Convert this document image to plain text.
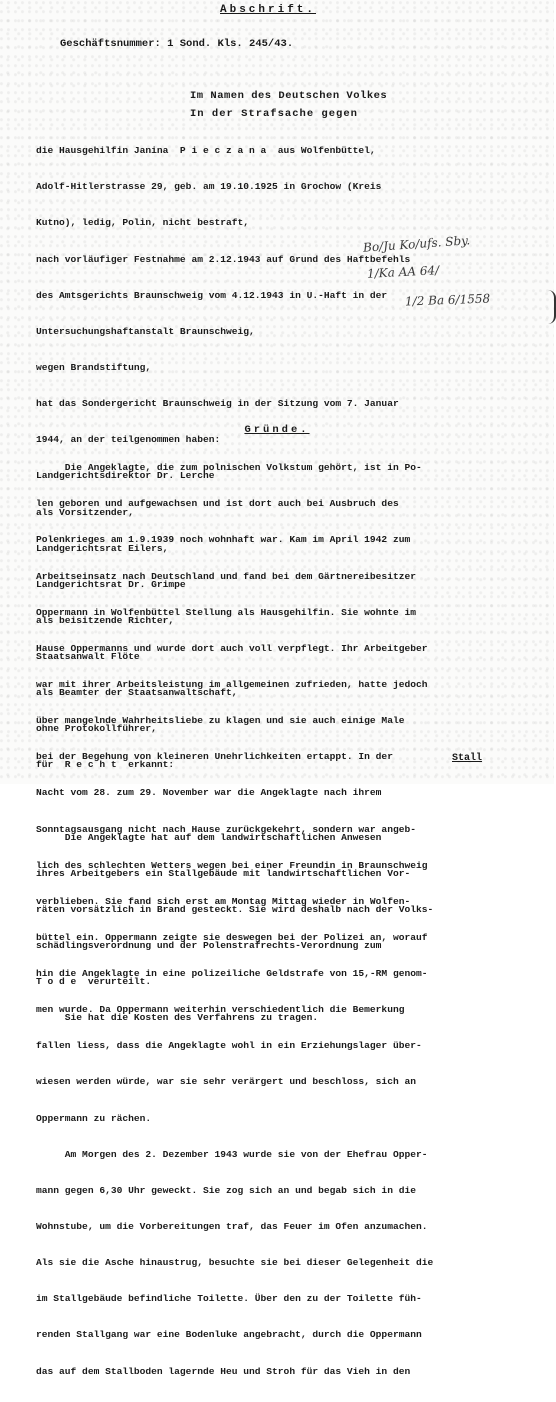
Abschrift.
Geschäftsnummer: 1 Sond. Kls. 245/43.
Im Namen des Deutschen Volkes
In der Strafsache gegen

die Hausgehilfin Janina  P i e c z a n a  aus Wolfenbüttel,

Adolf-Hitlerstrasse 29, geb. am 19.10.1925 in Grochow (Kreis

Kutno), ledig, Polin, nicht bestraft,

nach vorläufiger Festnahme am 2.12.1943 auf Grund des Haftbefehls

des Amtsgerichts Braunschweig vom 4.12.1943 in U.-Haft in der

Untersuchungshaftanstalt Braunschweig,

wegen Brandstiftung,

hat das Sondergericht Braunschweig in der Sitzung vom 7. Januar

1944, an der teilgenommen haben:

Landgerichtsdirektor Dr. Lerche

als Vorsitzender,

Landgerichtsrat Eilers,

Landgerichtsrat Dr. Grimpe

als beisitzende Richter,

Staatsanwalt Flöte

als Beamter der Staatsanwaltschaft,

ohne Protokollführer,

für  R e c h t  erkannt:

Die Angeklagte hat auf dem landwirtschaftlichen Anwesen

ihres Arbeitgebers ein Stallgebäude mit landwirtschaftlichen Vor-

räten vorsätzlich in Brand gesteckt. Sie wird deshalb nach der Volks-

schädlingsverordnung und der Polenstrafrechts-Verordnung zum

T o d e  verurteilt.

Sie hat die Kosten des Verfahrens zu tragen.

Gründe.

Die Angeklagte, die zum polnischen Volkstum gehört, ist in Po-

len geboren und aufgewachsen und ist dort auch bei Ausbruch des

Polenkrieges am 1.9.1939 noch wohnhaft war. Kam im April 1942 zum

Arbeitseinsatz nach Deutschland und fand bei dem Gärtnereibesitzer

Oppermann in Wolfenbüttel Stellung als Hausgehilfin. Sie wohnte im

Hause Oppermanns und wurde dort auch voll verpflegt. Ihr Arbeitgeber

war mit ihrer Arbeitsleistung im allgemeinen zufrieden, hatte jedoch

über mangelnde Wahrheitsliebe zu klagen und sie auch einige Male

bei der Begehung von kleineren Unehrlichkeiten ertappt. In der

Nacht vom 28. zum 29. November war die Angeklagte nach ihrem

Sonntagsausgang nicht nach Hause zurückgekehrt, sondern war angeb-

lich des schlechten Wetters wegen bei einer Freundin in Braunschweig

verblieben. Sie fand sich erst am Montag Mittag wieder in Wolfen-

büttel ein. Oppermann zeigte sie deswegen bei der Polizei an, worauf

hin die Angeklagte in eine polizeiliche Geldstrafe von 15,-RM genom-

men wurde. Da Oppermann weiterhin verschiedentlich die Bemerkung

fallen liess, dass die Angeklagte wohl in ein Erziehungslager über-

wiesen werden würde, war sie sehr verärgert und beschloss, sich an

Oppermann zu rächen.

Am Morgen des 2. Dezember 1943 wurde sie von der Ehefrau Opper-

mann gegen 6,30 Uhr geweckt. Sie zog sich an und begab sich in die

Wohnstube, um die Vorbereitungen traf, das Feuer im Ofen anzumachen.

Als sie die Asche hinaustrug, besuchte sie bei dieser Gelegenheit die

im Stallgebäude befindliche Toilette. Über den zu der Toilette füh-

renden Stallgang war eine Bodenluke angebracht, durch die Oppermann

das auf dem Stallboden lagernde Heu und Stroh für das Vieh in den

Stall
Bo/Ju Ko/ufs. Sby.
1/Ka AA 64/
1/2 Ba 6/1558
